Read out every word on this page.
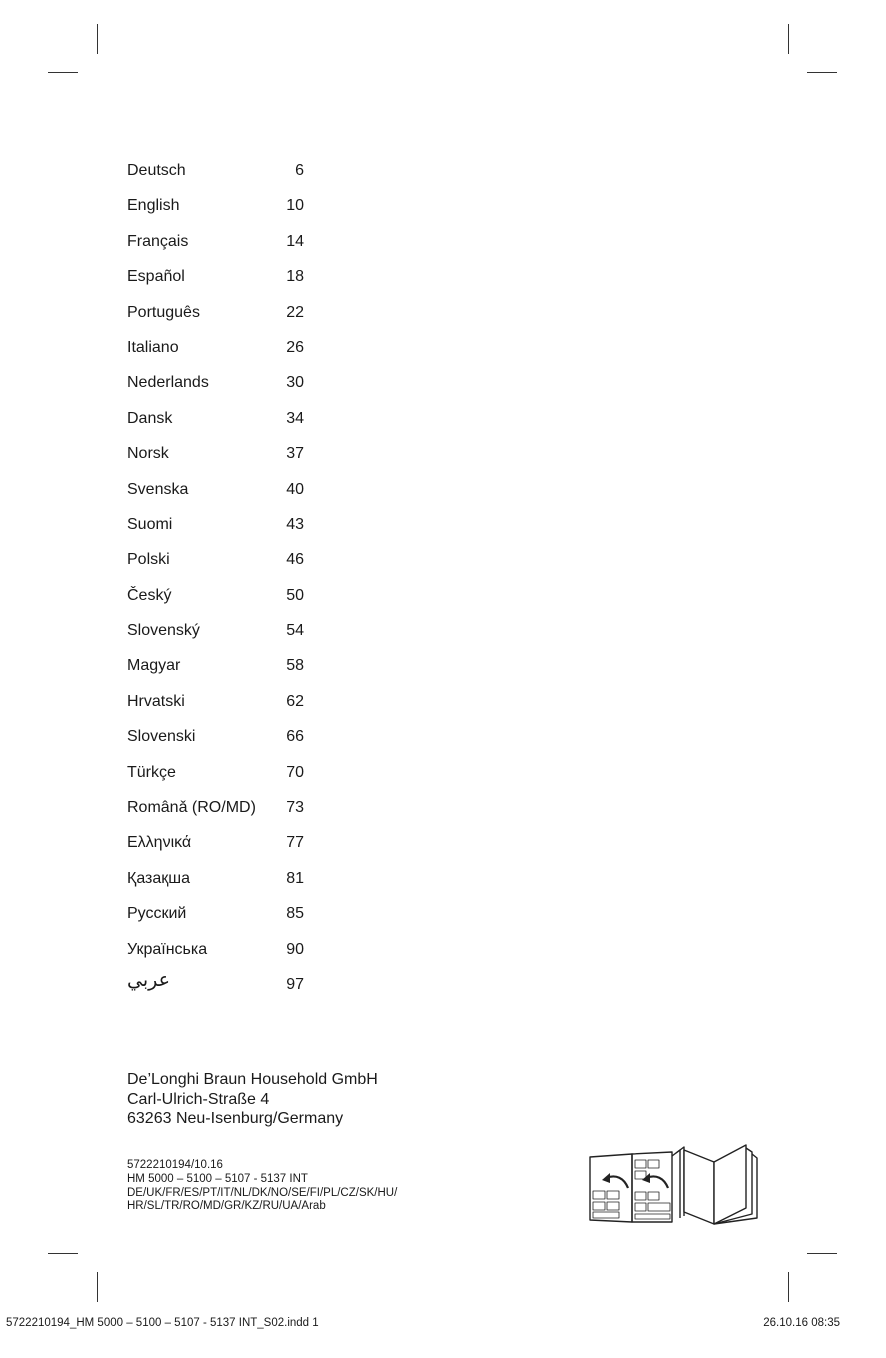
Deutsch	6
English	10
Français	14
Español	18
Português	22
Italiano	26
Nederlands	30
Dansk	34
Norsk	37
Svenska	40
Suomi	43
Polski	46
Český	50
Slovenský	54
Magyar	58
Hrvatski	62
Slovenski	66
Türkçe	70
Românǎ (RO/MD)	73
Ελληνικά	77
Қазақша	81
Русский	85
Українська	90
عربي	97
De’Longhi Braun Household GmbH
Carl-Ulrich-Straße 4
63263 Neu-Isenburg/Germany
5722210194/10.16
HM 5000 – 5100 – 5107 - 5137 INT
DE/UK/FR/ES/PT/IT/NL/DK/NO/SE/FI/PL/CZ/SK/HU/
HR/SL/TR/RO/MD/GR/KZ/RU/UA/Arab
5722210194_HM 5000 – 5100 – 5107 - 5137 INT_S02.indd 1	26.10.16 08:35
